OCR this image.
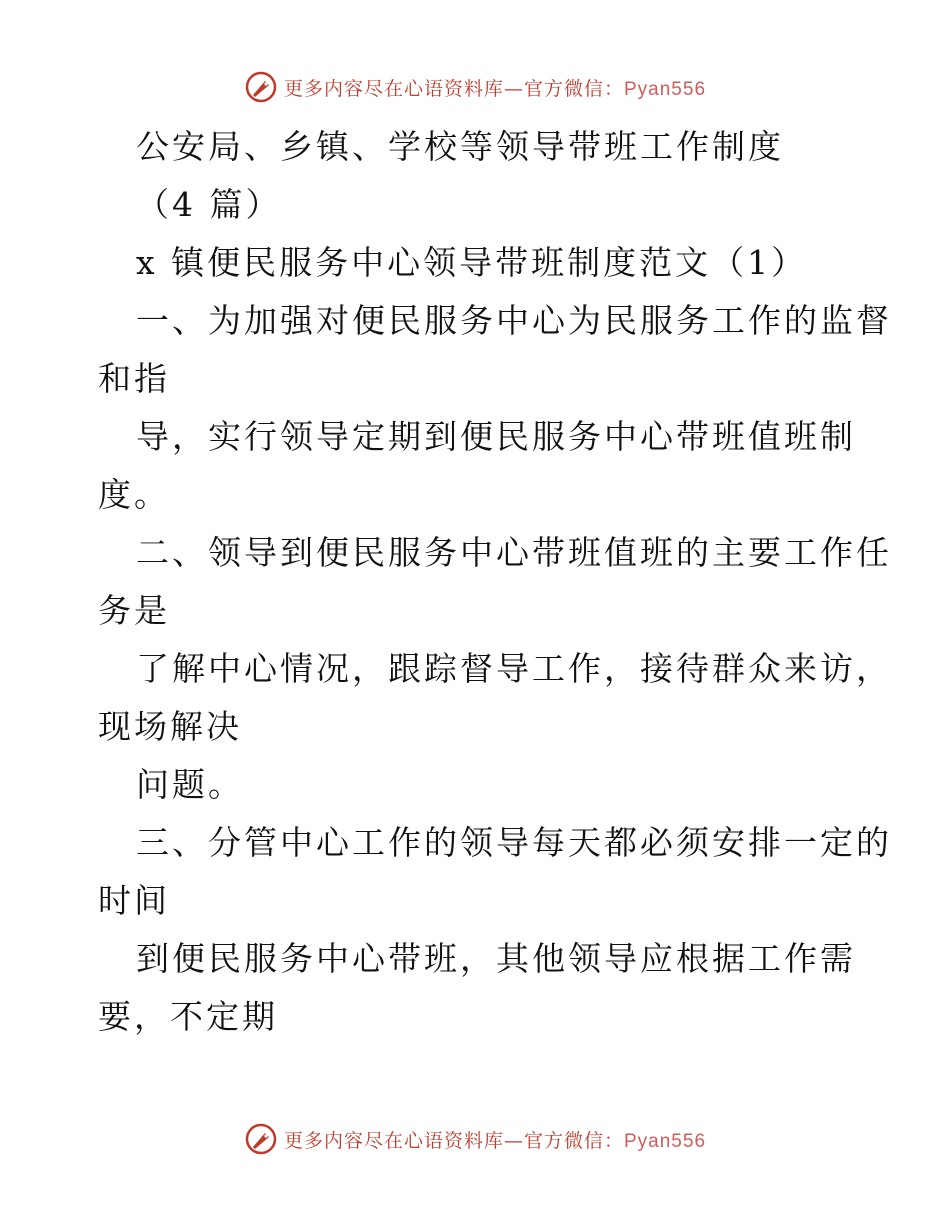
更多内容尽在心语资料库—官方微信：Pyan556
公安局、乡镇、学校等领导带班工作制度
（4 篇）
x 镇便民服务中心领导带班制度范文（1）
一、为加强对便民服务中心为民服务工作的监督
和指
导，实行领导定期到便民服务中心带班值班制
度。
二、领导到便民服务中心带班值班的主要工作任
务是
了解中心情况，跟踪督导工作，接待群众来访，
现场解决
问题。
三、分管中心工作的领导每天都必须安排一定的
时间
到便民服务中心带班，其他领导应根据工作需
要，不定期
更多内容尽在心语资料库—官方微信：Pyan556
